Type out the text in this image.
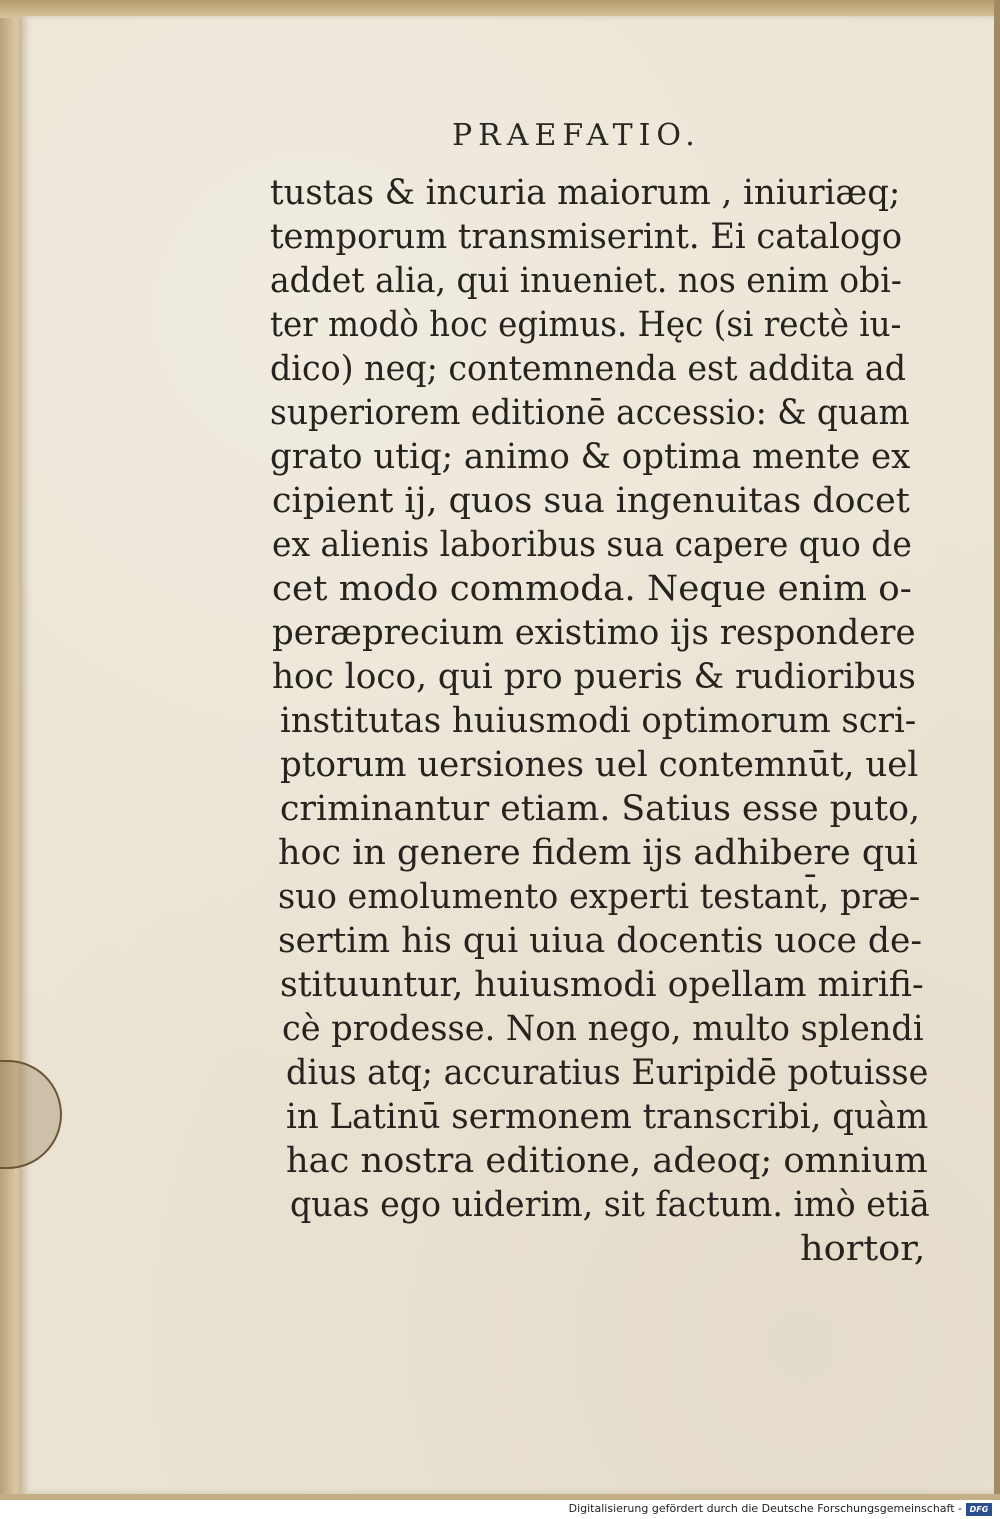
PRAEFATIO.
tustas & incuria maiorum , iniuriæq;
temporum transmiserint. Ei catalogo
addet alia, qui inueniet. nos enim obi-
ter modò hoc egimus. Hęc (si rectè iu-
dico) neq; contemnenda est addita ad
superiorem editionē accessio: & quam
grato utiq; animo & optima mente ex
cipient ij, quos sua ingenuitas docet
ex alienis laboribus sua capere quo de
cet modo commoda. Neque enim o-
peræprecium existimo ijs respondere
hoc loco, qui pro pueris & rudioribus
institutas huiusmodi optimorum scri-
ptorum uersiones uel contemnūt, uel
criminantur etiam. Satius esse puto,
hoc in genere fidem ijs adhibere qui
suo emolumento experti testant̄, præ-
sertim his qui uiua docentis uoce de-
stituuntur, huiusmodi opellam mirifi-
cè prodesse. Non nego, multo splendi
dius atq; accuratius Euripidē potuisse
in Latinū sermonem transcribi, quàm
hac nostra editione, adeoq; omnium
quas ego uiderim, sit factum. imò etiā
hortor,
Digitalisierung gefördert durch die Deutsche Forschungsgemeinschaft - DFG
